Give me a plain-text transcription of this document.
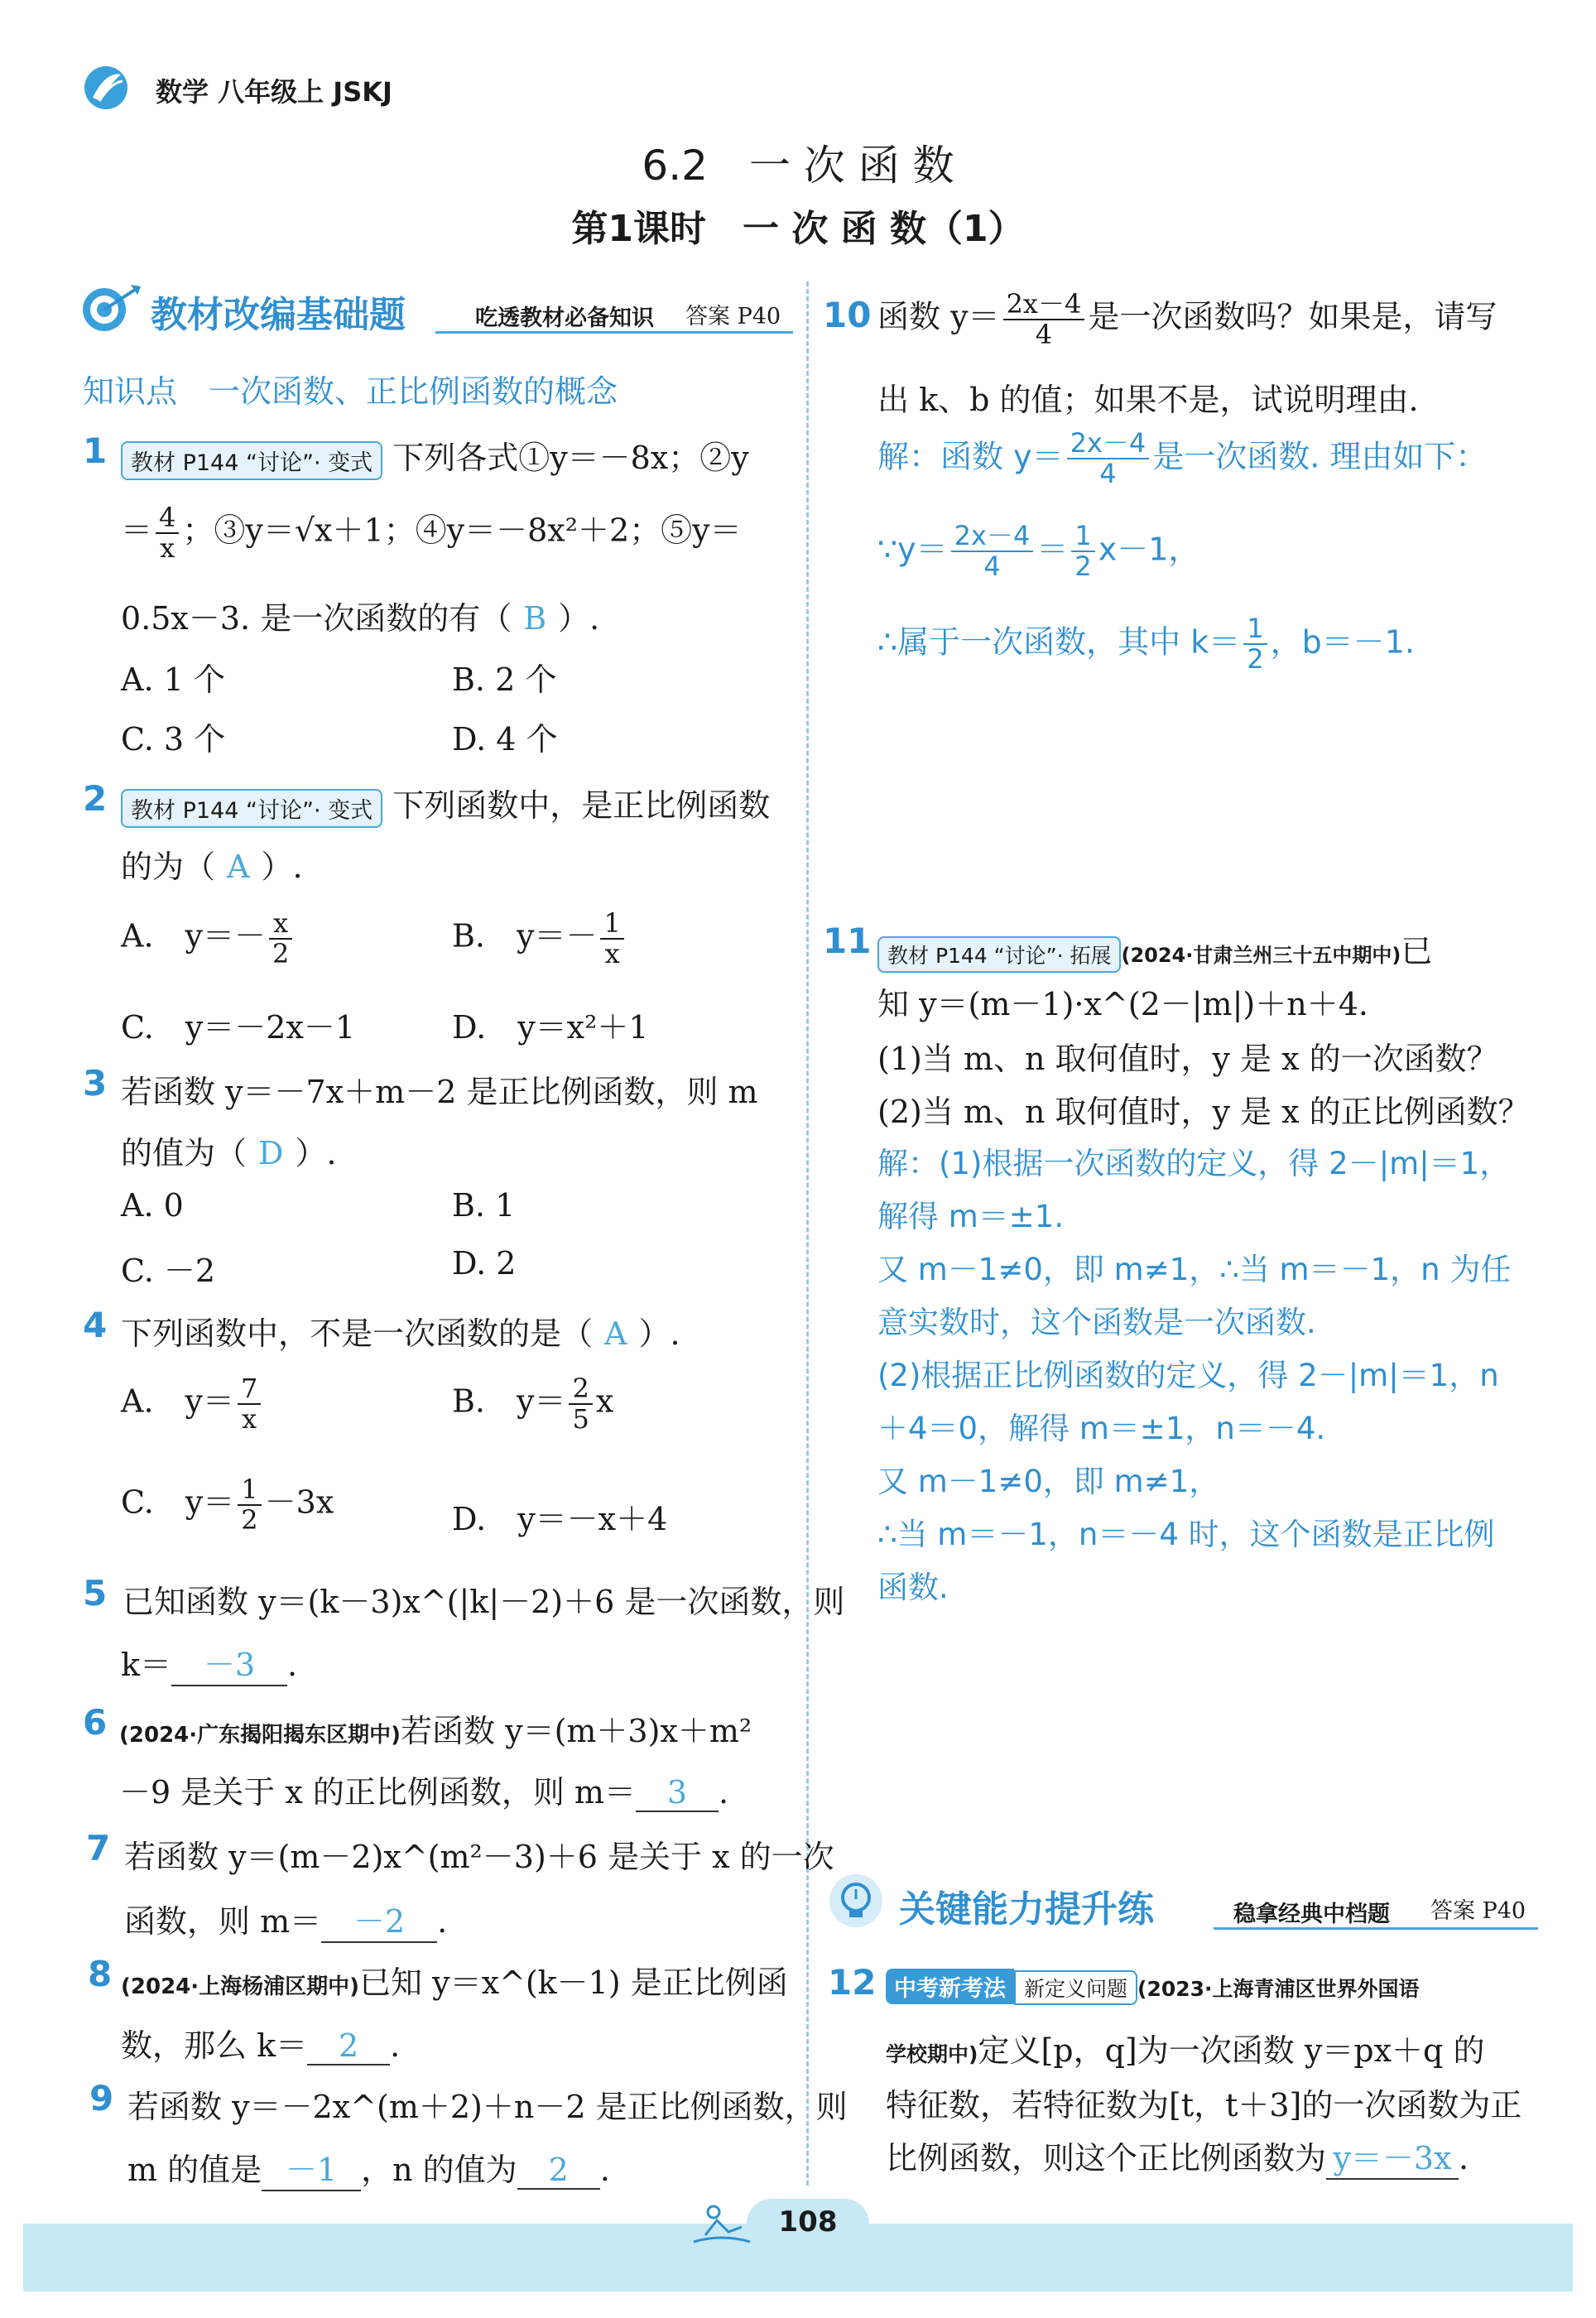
数学 八年级上 JSKJ
6.2　一 次 函 数
第1课时　一 次 函 数（1）
教材改编基础题	吃透教材必备知识 答案 P40
知识点　一次函数、正比例函数的概念
1	教材 P144 “讨论”· 变式 下列各式①y＝－8x；②y
＝ $\frac{4}{x}$ ；③y＝√x＋1；④y＝－8x²＋2；⑤y＝
0.5x－3. 是一次函数的有（ B ）.
A. 1 个	B. 2 个
C. 3 个	D. 4 个
2	教材 P144 “讨论”· 变式 下列函数中，是正比例函数
的为（ A ）.
A.　$y=- \frac{x}{2}$	B.　$y=- \frac{1}{x}$
C.　y＝－2x－1	D.　y＝x²＋1
3 若函数 y＝－7x＋m－2 是正比例函数，则 m
的值为（ D ）.
A. 0	B. 1
C. －2	D. 2
4 下列函数中，不是一次函数的是（ A ）.
A.　$y= \frac{7}{x}$	B.　$y= \frac{2}{5}$ x
C.　$y= \frac{1}{2} -3x$	D.　y＝－x＋4
5 已知函数 y＝(k－3)x^(|k|－2)＋6 是一次函数，则
k＝ －3 .
6 (2024·广东揭阳揭东区期中)若函数 y＝(m＋3)x＋m²
－9 是关于 x 的正比例函数，则 m＝ 3 .
7 若函数 y＝(m－2)x^(m²－3)＋6 是关于 x 的一次
函数，则 m＝ －2 .
8 (2024·上海杨浦区期中)已知 y＝x^(k－1) 是正比例函
数，那么 k＝ 2 .
9 若函数 y＝－2x^(m＋2)＋n－2 是正比例函数，则
m 的值是 －1 ，n 的值为 2 .
10 函数 $y= \frac{2x-4}{4}$ 是一次函数吗？如果是，请写
出 k、b 的值；如果不是，试说明理由.
解：函数 $y= \frac{2x-4}{4}$ 是一次函数. 理由如下：
∵y＝ $\frac{2x-4}{4} = \frac{1}{2} x-1$，
∴属于一次函数，其中 $k= \frac{1}{2}$ ，b＝－1.
11 教材 P144 “讨论”· 拓展 (2024·甘肃兰州三十五中期中)已
知 y＝(m－1)·x^(2－|m|)＋n＋4.
(1)当 m、n 取何值时，y 是 x 的一次函数？
(2)当 m、n 取何值时，y 是 x 的正比例函数？
解：(1)根据一次函数的定义，得 2－|m|＝1，
解得 m＝±1.
又 m－1≠0，即 m≠1，∴当 m＝－1，n 为任
意实数时，这个函数是一次函数.
(2)根据正比例函数的定义，得 2－|m|＝1，n
＋4＝0，解得 m＝±1，n＝－4.
又 m－1≠0，即 m≠1，
∴当 m＝－1，n＝－4 时，这个函数是正比例
函数.
关键能力提升练	稳拿经典中档题 答案 P40
12 中考新考法 新定义问题 (2023·上海青浦区世界外国语
学校期中)定义[p，q]为一次函数 y＝px＋q 的
特征数，若特征数为[t，t＋3]的一次函数为正
比例函数，则这个正比例函数为 y＝－3x .
108
